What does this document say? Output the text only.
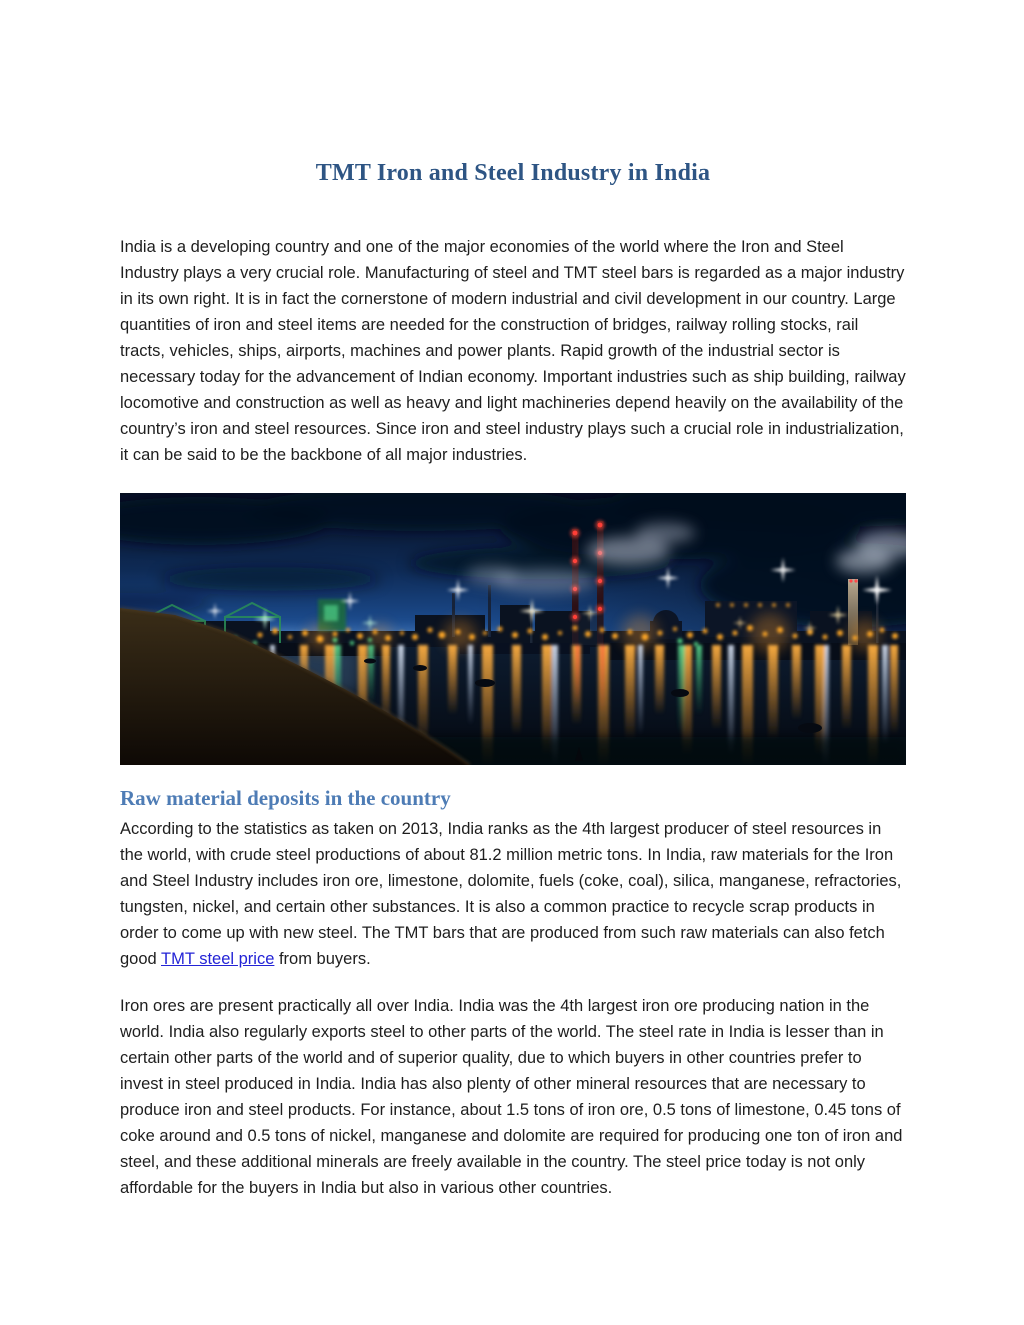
TMT Iron and Steel Industry in India

India is a developing country and one of the major economies of the world where the Iron and Steel Industry plays a very crucial role. Manufacturing of steel and TMT steel bars is regarded as a major industry in its own right. It is in fact the cornerstone of modern industrial and civil development in our country. Large quantities of iron and steel items are needed for the construction of bridges, railway rolling stocks, rail tracts, vehicles, ships, airports, machines and power plants. Rapid growth of the industrial sector is necessary today for the advancement of Indian economy. Important industries such as ship building, railway locomotive and construction as well as heavy and light machineries depend heavily on the availability of the country’s iron and steel resources. Since iron and steel industry plays such a crucial role in industrialization, it can be said to be the backbone of all major industries.

Raw material deposits in the country

According to the statistics as taken on 2013, India ranks as the 4th largest producer of steel resources in the world, with crude steel productions of about 81.2 million metric tons. In India, raw materials for the Iron and Steel Industry includes iron ore, limestone, dolomite, fuels (coke, coal), silica, manganese, refractories, tungsten, nickel, and certain other substances. It is also a common practice to recycle scrap products in order to come up with new steel. The TMT bars that are produced from such raw materials can also fetch good TMT steel price from buyers.

Iron ores are present practically all over India. India was the 4th largest iron ore producing nation in the world. India also regularly exports steel to other parts of the world. The steel rate in India is lesser than in certain other parts of the world and of superior quality, due to which buyers in other countries prefer to invest in steel produced in India. India has also plenty of other mineral resources that are necessary to produce iron and steel products. For instance, about 1.5 tons of iron ore, 0.5 tons of limestone, 0.45 tons of coke around and 0.5 tons of nickel, manganese and dolomite are required for producing one ton of iron and steel, and these additional minerals are freely available in the country. The steel price today is not only affordable for the buyers in India but also in various other countries.
